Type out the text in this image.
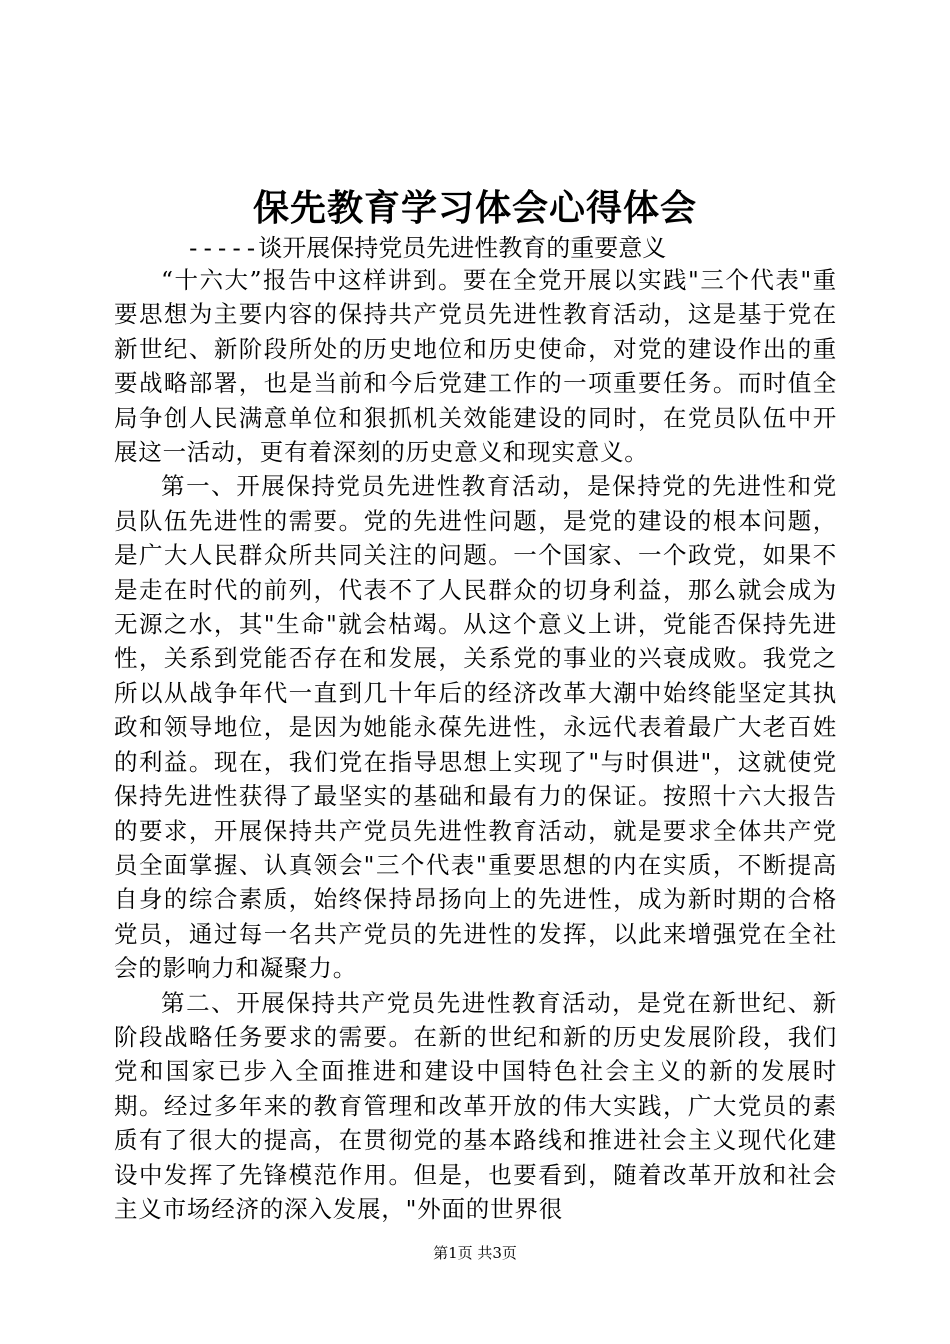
保先教育学习体会心得体会
-----谈开展保持党员先进性教育的重要意义

“十六大”报告中这样讲到。要在全党开展以实践"三个代表"重要思想为主要内容的保持共产党员先进性教育活动，这是基于党在新世纪、新阶段所处的历史地位和历史使命，对党的建设作出的重要战略部署，也是当前和今后党建工作的一项重要任务。而时值全局争创人民满意单位和狠抓机关效能建设的同时，在党员队伍中开展这一活动，更有着深刻的历史意义和现实意义。

第一、开展保持党员先进性教育活动，是保持党的先进性和党员队伍先进性的需要。党的先进性问题，是党的建设的根本问题，是广大人民群众所共同关注的问题。一个国家、一个政党，如果不是走在时代的前列，代表不了人民群众的切身利益，那么就会成为无源之水，其"生命"就会枯竭。从这个意义上讲，党能否保持先进性，关系到党能否存在和发展，关系党的事业的兴衰成败。我党之所以从战争年代一直到几十年后的经济改革大潮中始终能坚定其执政和领导地位，是因为她能永葆先进性，永远代表着最广大老百姓的利益。现在，我们党在指导思想上实现了"与时俱进"，这就使党保持先进性获得了最坚实的基础和最有力的保证。按照十六大报告的要求，开展保持共产党员先进性教育活动，就是要求全体共产党员全面掌握、认真领会"三个代表"重要思想的内在实质，不断提高自身的综合素质，始终保持昂扬向上的先进性，成为新时期的合格党员，通过每一名共产党员的先进性的发挥，以此来增强党在全社会的影响力和凝聚力。

第二、开展保持共产党员先进性教育活动，是党在新世纪、新阶段战略任务要求的需要。在新的世纪和新的历史发展阶段，我们党和国家已步入全面推进和建设中国特色社会主义的新的发展时期。经过多年来的教育管理和改革开放的伟大实践，广大党员的素质有了很大的提高，在贯彻党的基本路线和推进社会主义现代化建设中发挥了先锋模范作用。但是，也要看到，随着改革开放和社会主义市场经济的深入发展，"外面的世界很

第1页 共3页
